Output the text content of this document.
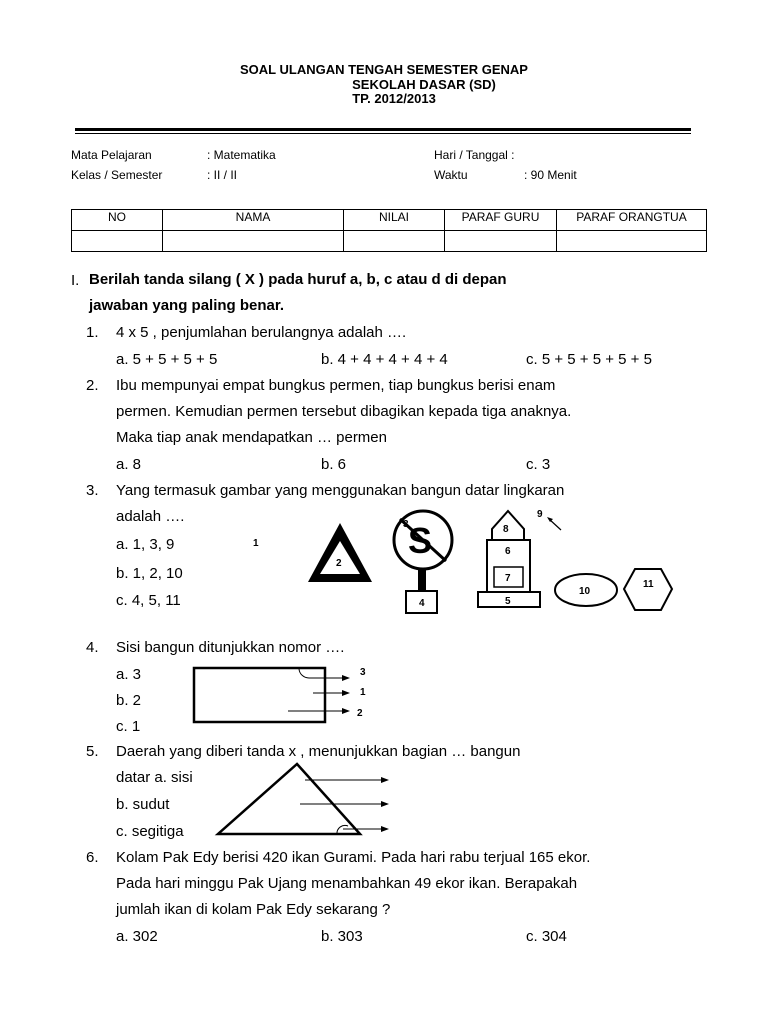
SOAL ULANGAN TENGAH SEMESTER GENAP
SEKOLAH DASAR (SD)
TP. 2012/2013
Mata Pelajaran	: Matematika	Hari / Tanggal :
Kelas / Semester	: II / II	Waktu	: 90 Menit
NO	NAMA	NILAI	PARAF GURU	PARAF ORANGTUA

I. Berilah tanda silang ( X ) pada huruf a, b, c atau d di depan
jawaban yang paling benar.
1. 4 x 5 , penjumlahan berulangnya adalah ….
a. 5 + 5 + 5 + 5	b. 4 + 4 + 4 + 4 + 4	c. 5 + 5 + 5 + 5 + 5
2. Ibu mempunyai empat bungkus permen, tiap bungkus berisi enam
permen. Kemudian permen tersebut dibagikan kepada tiga anaknya.
Maka tiap anak mendapatkan … permen
a. 8	b. 6	c. 3
3. Yang termasuk gambar yang menggunakan bangun datar lingkaran
adalah ….
a. 1, 3, 9
b. 1, 2, 10
c. 4, 5, 11
1
2
S
3
4
8
6
7
5
9
10
11
4. Sisi bangun ditunjukkan nomor ….
a. 3
b. 2
c. 1
3
1
2
5. Daerah yang diberi tanda x , menunjukkan bagian … bangun
datar a. sisi
b. sudut
c. segitiga
6. Kolam Pak Edy berisi 420 ikan Gurami. Pada hari rabu terjual 165 ekor.
Pada hari minggu Pak Ujang menambahkan 49 ekor ikan. Berapakah
jumlah ikan di kolam Pak Edy sekarang ?
a. 302	b. 303	c. 304
